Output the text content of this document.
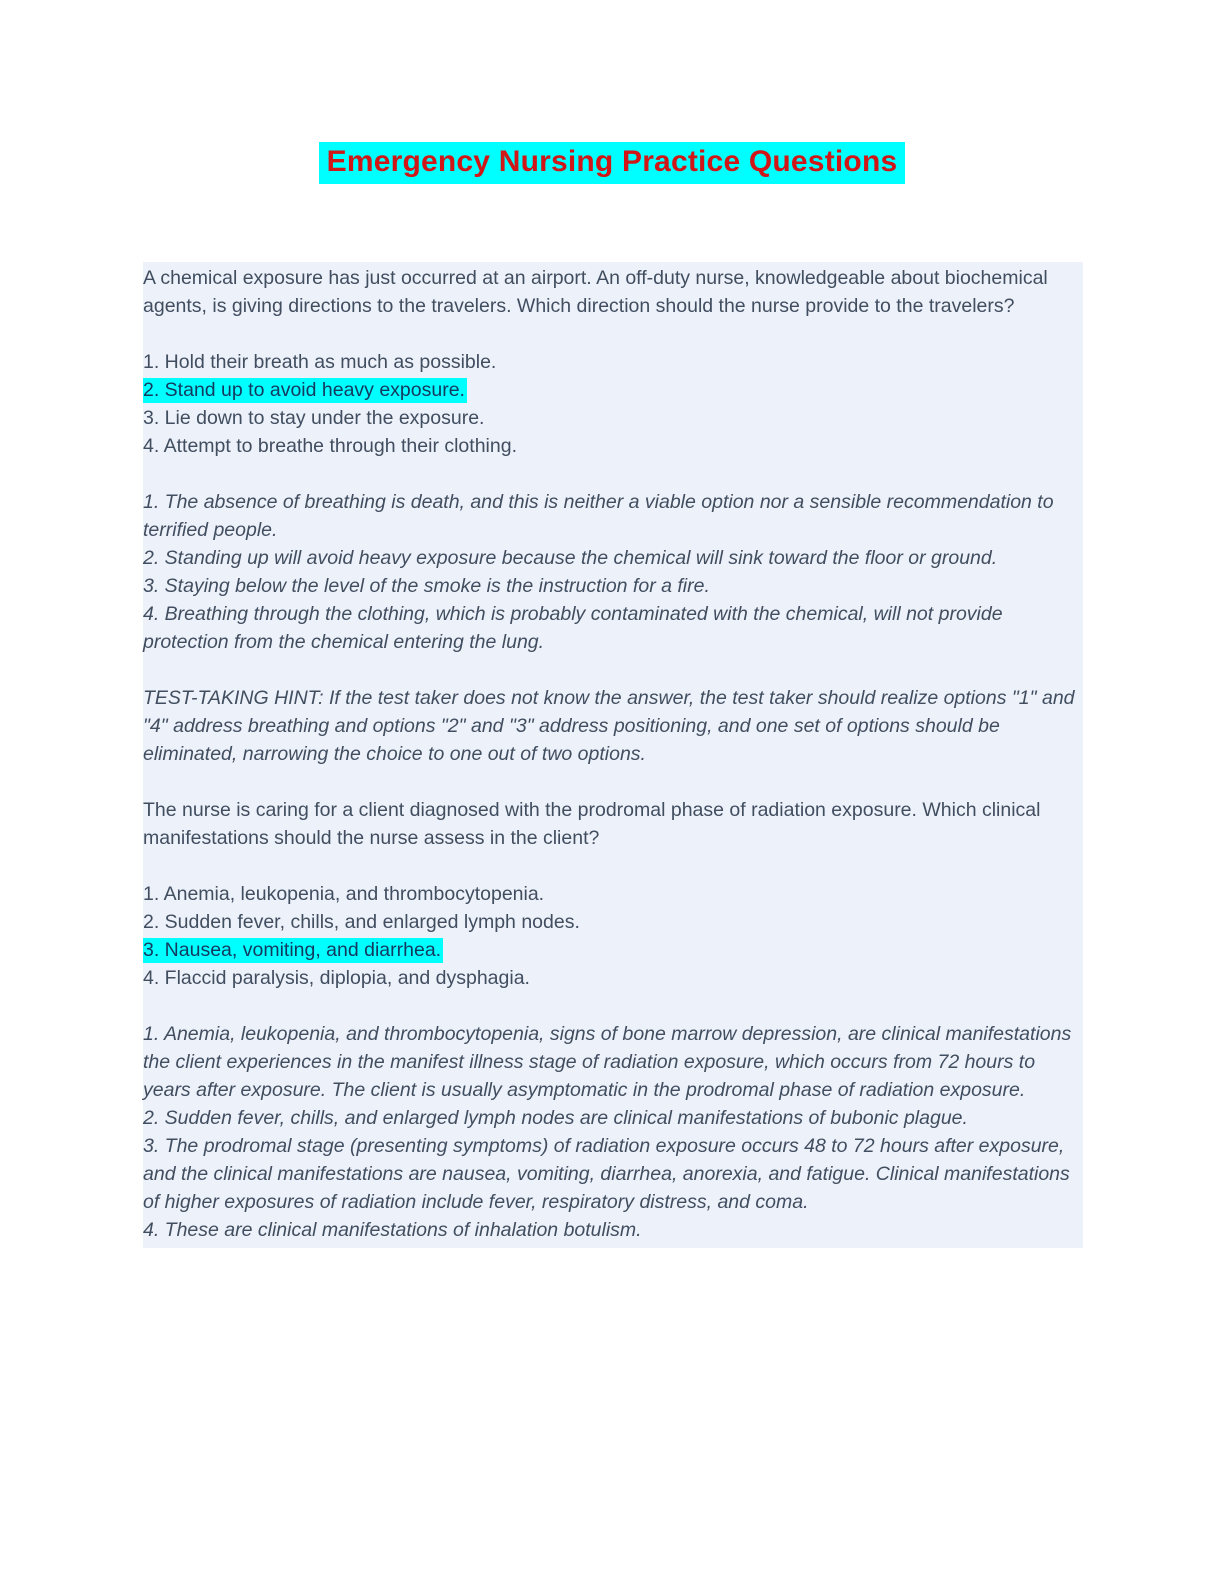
Emergency Nursing Practice Questions

A chemical exposure has just occurred at an airport. An off-duty nurse, knowledgeable about biochemical agents, is giving directions to the travelers. Which direction should the nurse provide to the travelers?

1. Hold their breath as much as possible.
2. Stand up to avoid heavy exposure.
3. Lie down to stay under the exposure.
4. Attempt to breathe through their clothing.
1. The absence of breathing is death, and this is neither a viable option nor a sensible recommendation to terrified people.
2. Standing up will avoid heavy exposure because the chemical will sink toward the floor or ground.
3. Staying below the level of the smoke is the instruction for a fire.
4. Breathing through the clothing, which is probably contaminated with the chemical, will not provide protection from the chemical entering the lung.

TEST-TAKING HINT: If the test taker does not know the answer, the test taker should realize options "1" and "4" address breathing and options "2" and "3" address positioning, and one set of options should be eliminated, narrowing the choice to one out of two options.

The nurse is caring for a client diagnosed with the prodromal phase of radiation exposure. Which clinical manifestations should the nurse assess in the client?

1. Anemia, leukopenia, and thrombocytopenia.
2. Sudden fever, chills, and enlarged lymph nodes.
3. Nausea, vomiting, and diarrhea.
4. Flaccid paralysis, diplopia, and dysphagia.
1. Anemia, leukopenia, and thrombocytopenia, signs of bone marrow depression, are clinical manifestations the client experiences in the manifest illness stage of radiation exposure, which occurs from 72 hours to years after exposure. The client is usually asymptomatic in the prodromal phase of radiation exposure.
2. Sudden fever, chills, and enlarged lymph nodes are clinical manifestations of bubonic plague.
3. The prodromal stage (presenting symptoms) of radiation exposure occurs 48 to 72 hours after exposure, and the clinical manifestations are nausea, vomiting, diarrhea, anorexia, and fatigue. Clinical manifestations of higher exposures of radiation include fever, respiratory distress, and coma.
4. These are clinical manifestations of inhalation botulism.
